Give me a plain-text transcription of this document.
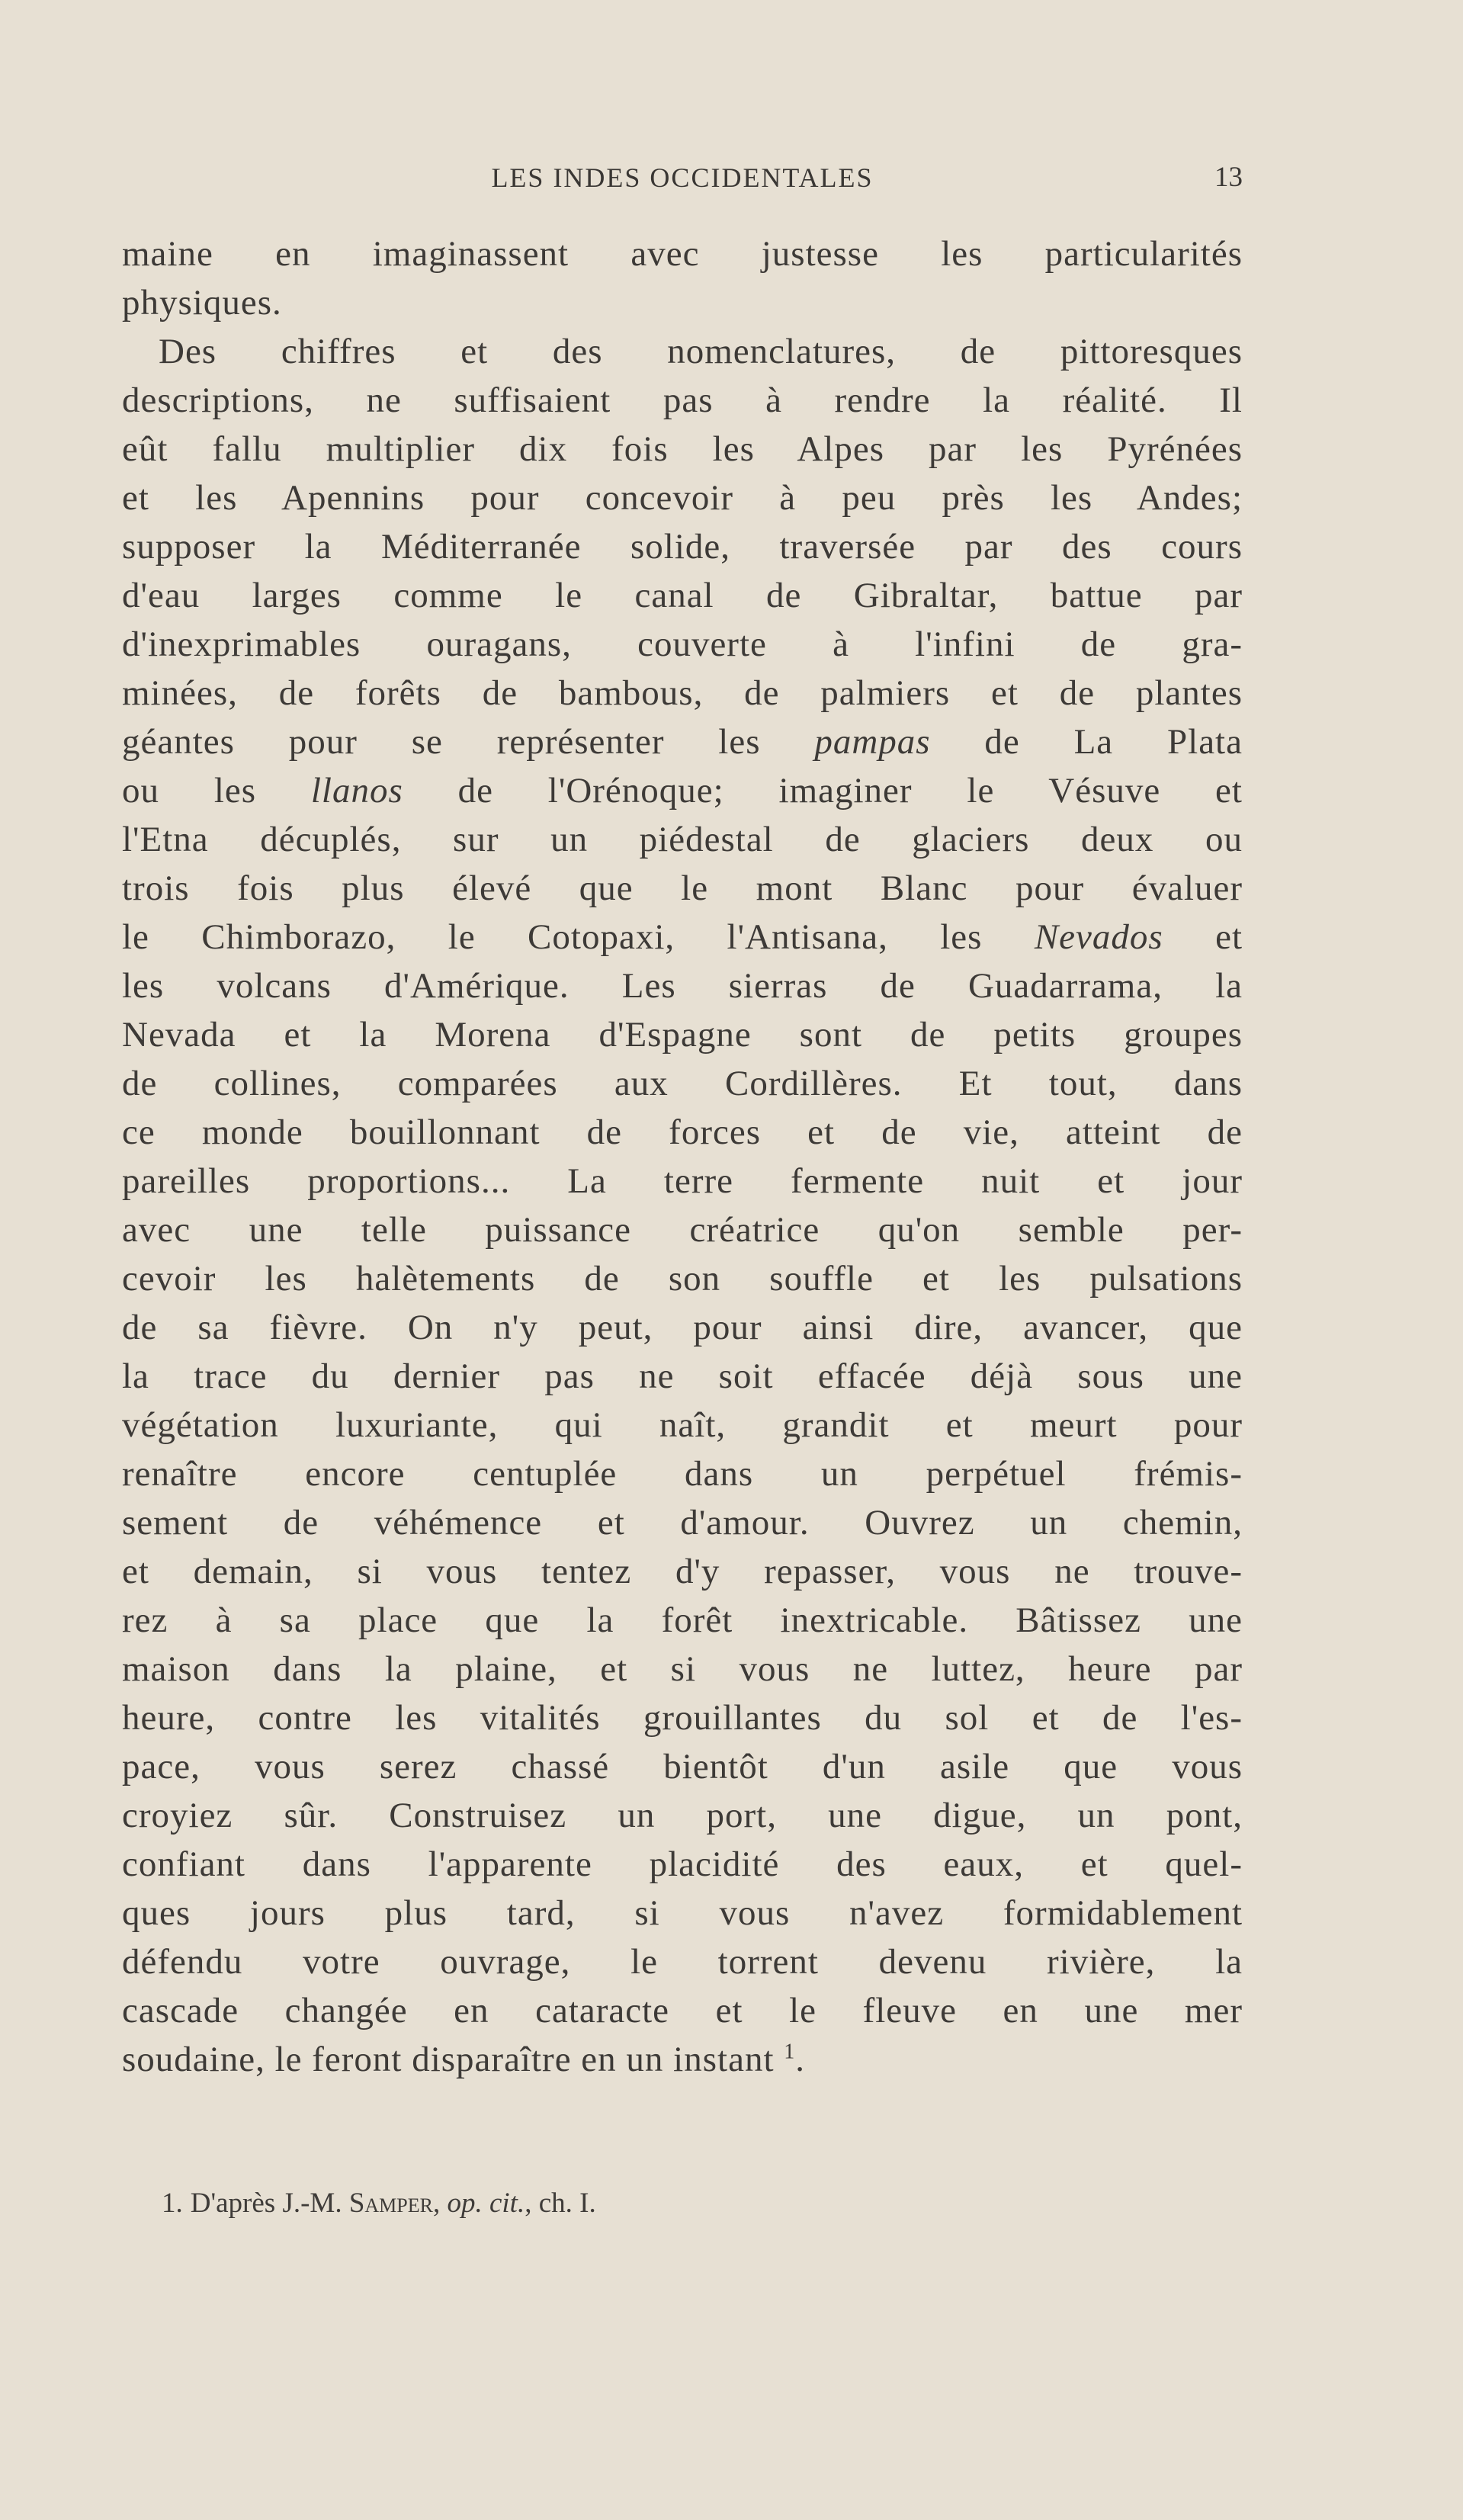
LES INDES OCCIDENTALES	13
maine en imaginassent avec justesse les particularités
physiques.
Des chiffres et des nomenclatures, de pittoresques
descriptions, ne suffisaient pas à rendre la réalité. Il
eût fallu multiplier dix fois les Alpes par les Pyrénées
et les Apennins pour concevoir à peu près les Andes;
supposer la Méditerranée solide, traversée par des cours
d'eau larges comme le canal de Gibraltar, battue par
d'inexprimables ouragans, couverte à l'infini de gra-
minées, de forêts de bambous, de palmiers et de plantes
géantes pour se représenter les pampas de La Plata
ou les llanos de l'Orénoque; imaginer le Vésuve et
l'Etna décuplés, sur un piédestal de glaciers deux ou
trois fois plus élevé que le mont Blanc pour évaluer
le Chimborazo, le Cotopaxi, l'Antisana, les Nevados et
les volcans d'Amérique. Les sierras de Guadarrama, la
Nevada et la Morena d'Espagne sont de petits groupes
de collines, comparées aux Cordillères. Et tout, dans
ce monde bouillonnant de forces et de vie, atteint de
pareilles proportions... La terre fermente nuit et jour
avec une telle puissance créatrice qu'on semble per-
cevoir les halètements de son souffle et les pulsations
de sa fièvre. On n'y peut, pour ainsi dire, avancer, que
la trace du dernier pas ne soit effacée déjà sous une
végétation luxuriante, qui naît, grandit et meurt pour
renaître encore centuplée dans un perpétuel frémis-
sement de véhémence et d'amour. Ouvrez un chemin,
et demain, si vous tentez d'y repasser, vous ne trouve-
rez à sa place que la forêt inextricable. Bâtissez une
maison dans la plaine, et si vous ne luttez, heure par
heure, contre les vitalités grouillantes du sol et de l'es-
pace, vous serez chassé bientôt d'un asile que vous
croyiez sûr. Construisez un port, une digue, un pont,
confiant dans l'apparente placidité des eaux, et quel-
ques jours plus tard, si vous n'avez formidablement
défendu votre ouvrage, le torrent devenu rivière, la
cascade changée en cataracte et le fleuve en une mer
soudaine, le feront disparaître en un instant $^1$.
1. D'après J.-M. Samper, op. cit., ch. I.
